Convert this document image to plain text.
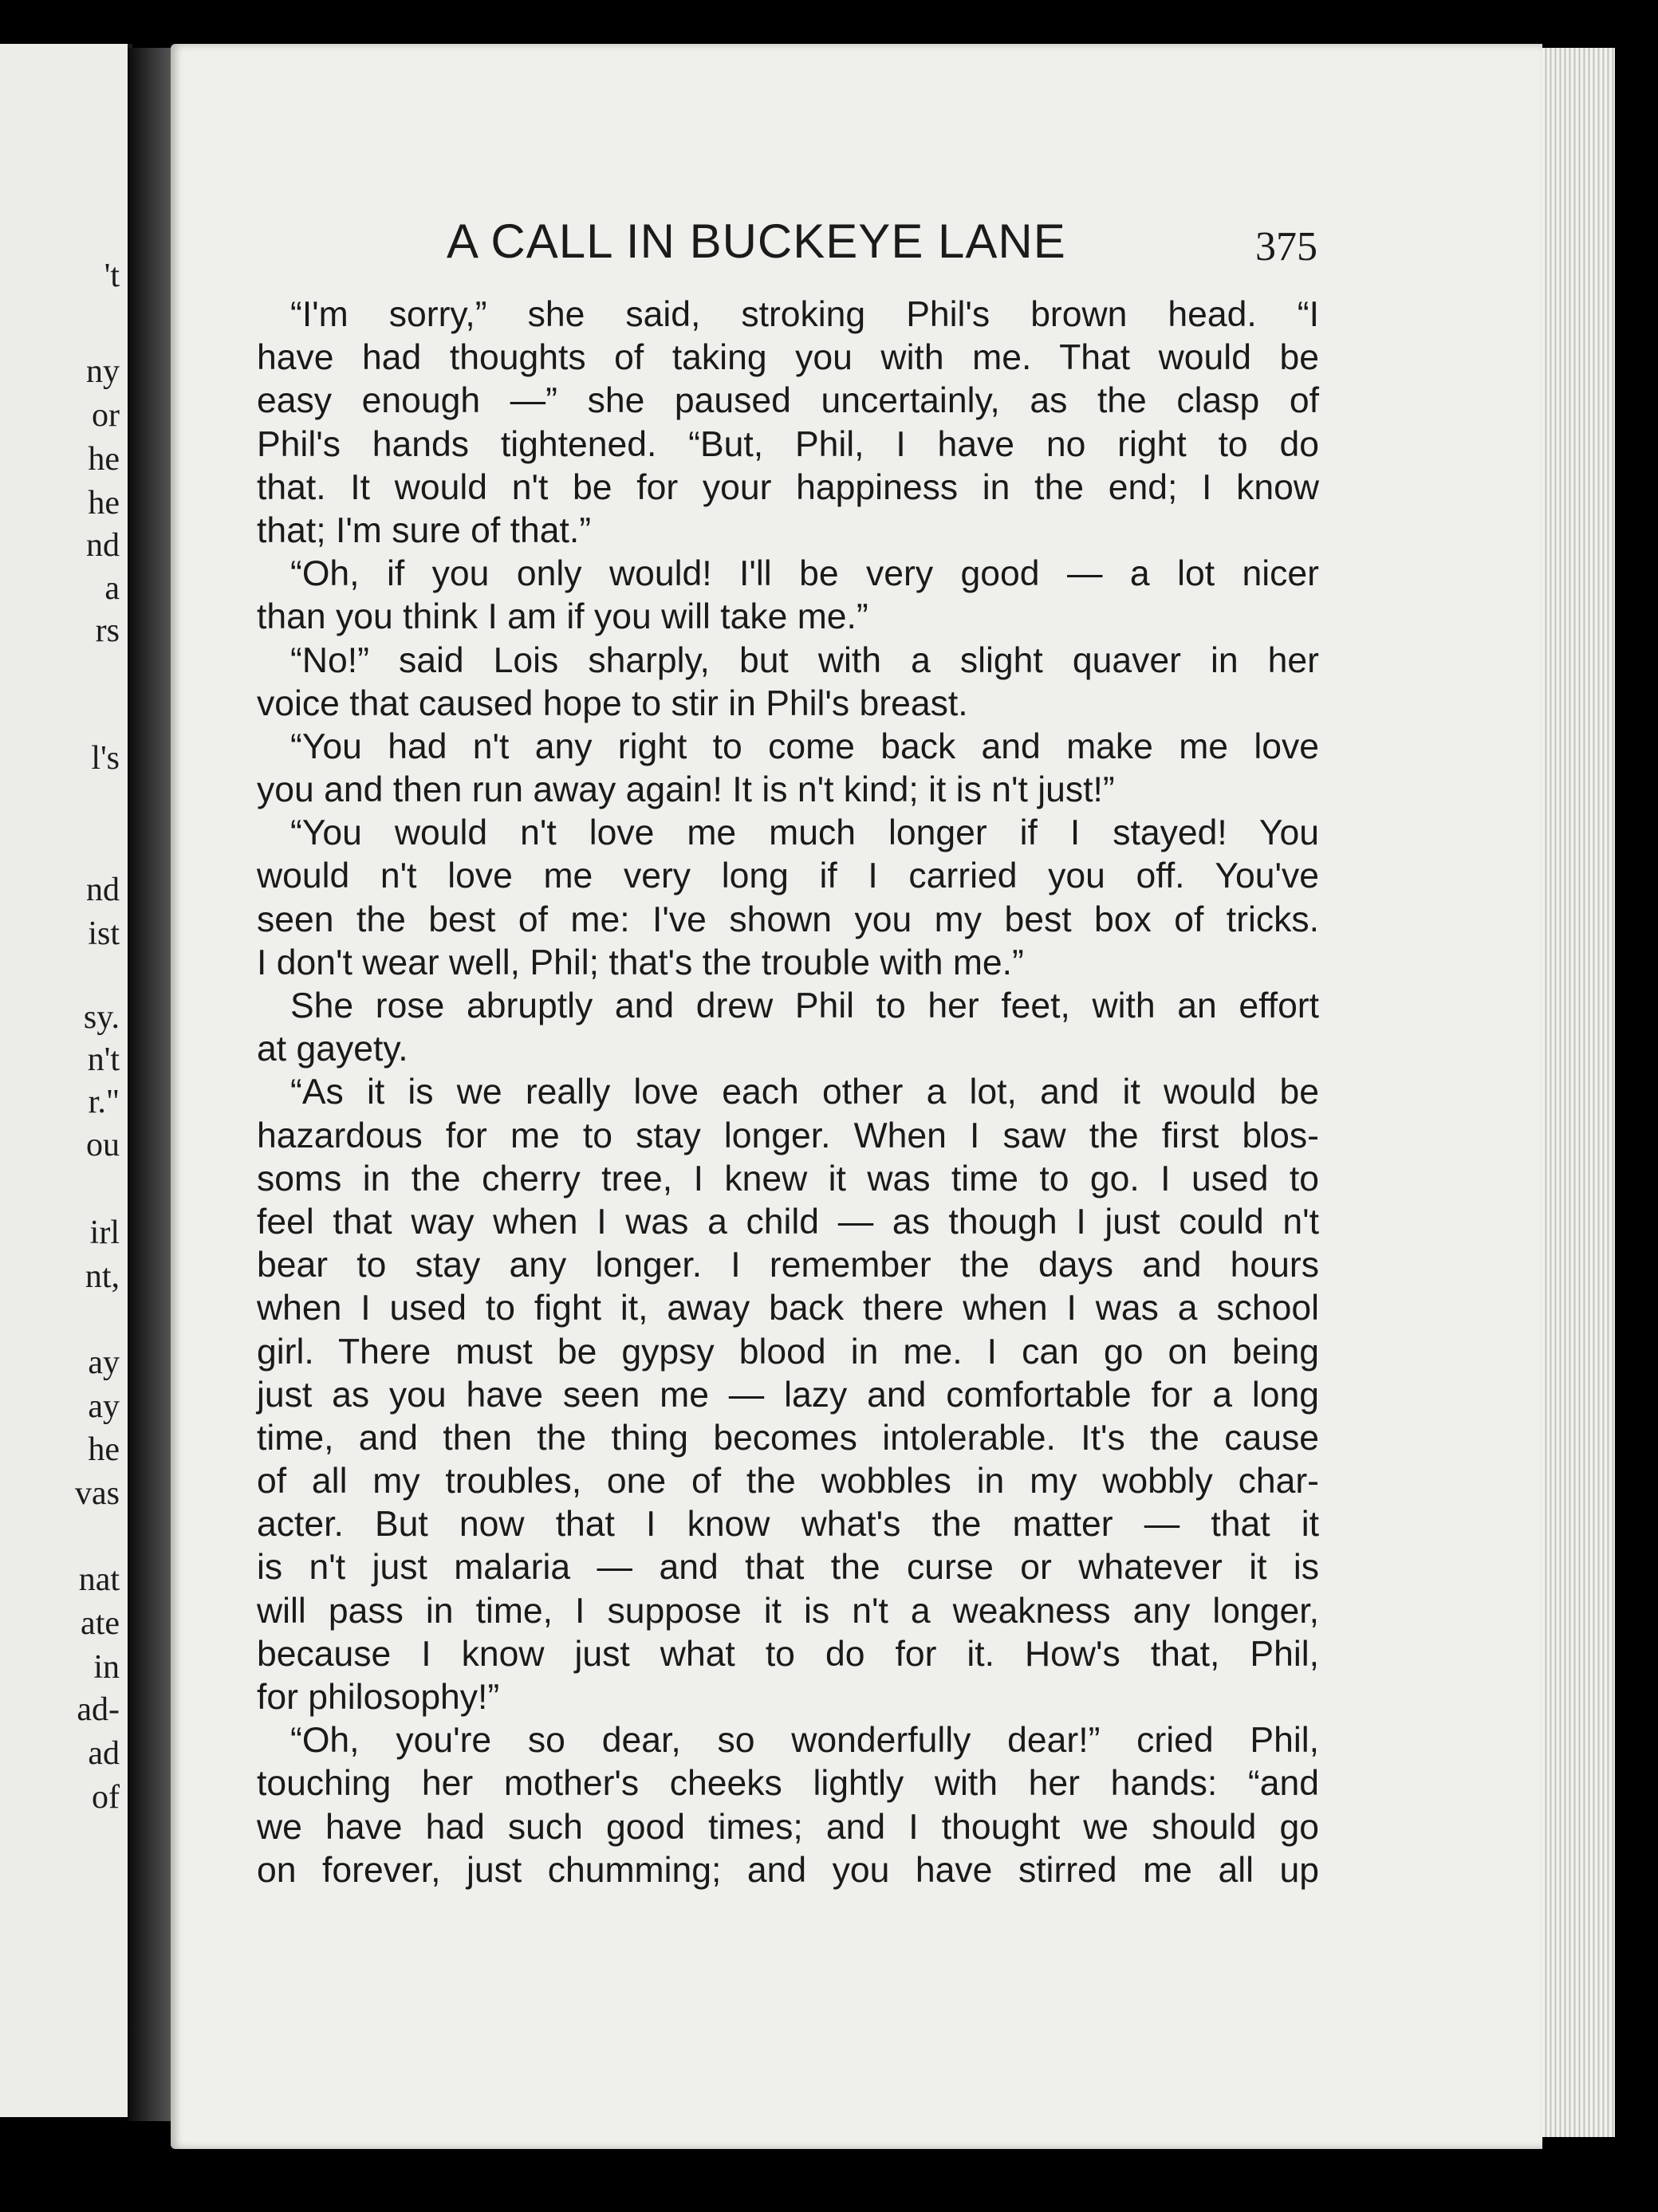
't
ny
or
he
he
nd
a
rs
l's
nd
ist
sy.
n't
r."
ou
irl
nt,
ay
ay
he
vas
nat
ate
in
ad-
ad
of
A CALL IN BUCKEYE LANE	375
“I'm sorry,” she said, stroking Phil's brown head. “I
have had thoughts of taking you with me. That would be
easy enough —” she paused uncertainly, as the clasp of
Phil's hands tightened. “But, Phil, I have no right to do
that. It would n't be for your happiness in the end; I know
that; I'm sure of that.”
“Oh, if you only would! I'll be very good — a lot nicer
than you think I am if you will take me.”
“No!” said Lois sharply, but with a slight quaver in her
voice that caused hope to stir in Phil's breast.
“You had n't any right to come back and make me love
you and then run away again! It is n't kind; it is n't just!”
“You would n't love me much longer if I stayed! You
would n't love me very long if I carried you off. You've
seen the best of me: I've shown you my best box of tricks.
I don't wear well, Phil; that's the trouble with me.”
She rose abruptly and drew Phil to her feet, with an effort
at gayety.
“As it is we really love each other a lot, and it would be
hazardous for me to stay longer. When I saw the first blos-
soms in the cherry tree, I knew it was time to go. I used to
feel that way when I was a child — as though I just could n't
bear to stay any longer. I remember the days and hours
when I used to fight it, away back there when I was a school
girl. There must be gypsy blood in me. I can go on being
just as you have seen me — lazy and comfortable for a long
time, and then the thing becomes intolerable. It's the cause
of all my troubles, one of the wobbles in my wobbly char-
acter. But now that I know what's the matter — that it
is n't just malaria — and that the curse or whatever it is
will pass in time, I suppose it is n't a weakness any longer,
because I know just what to do for it. How's that, Phil,
for philosophy!”
“Oh, you're so dear, so wonderfully dear!” cried Phil,
touching her mother's cheeks lightly with her hands: “and
we have had such good times; and I thought we should go
on forever, just chumming; and you have stirred me all up
